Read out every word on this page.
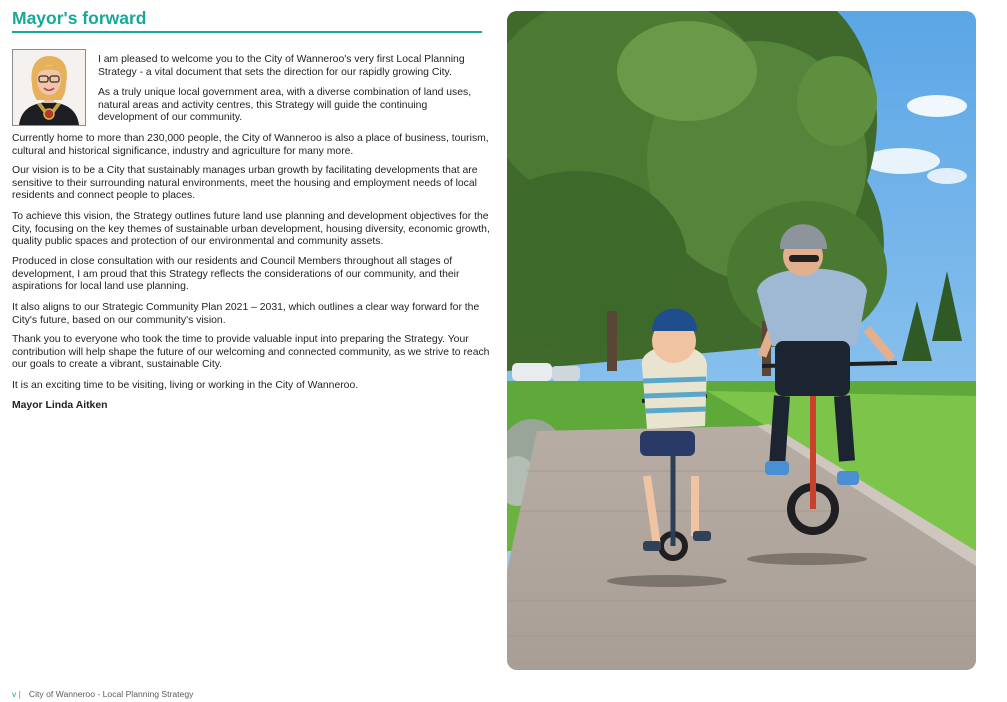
Mayor's forward

I am pleased to welcome you to the City of Wanneroo's very first Local Planning Strategy - a vital document that sets the direction for our rapidly growing City.

As a truly unique local government area, with a diverse combination of land uses, natural areas and activity centres, this Strategy will guide the continuing development of our community.

Currently home to more than 230,000 people, the City of Wanneroo is also a place of business, tourism, cultural and historical significance, industry and agriculture for many more.

Our vision is to be a City that sustainably manages urban growth by facilitating developments that are sensitive to their surrounding natural environments, meet the housing and employment needs of local residents and connect people to places.

To achieve this vision, the Strategy outlines future land use planning and development objectives for the City, focusing on the key themes of sustainable urban development, housing diversity, economic growth, quality public spaces and protection of our environmental and community assets.

Produced in close consultation with our residents and Council Members throughout all stages of development, I am proud that this Strategy reflects the considerations of our community, and their aspirations for local land use planning.

It also aligns to our Strategic Community Plan 2021 – 2031, which outlines a clear way forward for the City's future, based on our community's vision.

Thank you to everyone who took the time to provide valuable input into preparing the Strategy. Your contribution will help shape the future of our welcoming and connected community, as we strive to reach our goals to create a vibrant, sustainable City.

It is an exciting time to be visiting, living or working in the City of Wanneroo.

Mayor Linda Aitken

v | City of Wanneroo - Local Planning Strategy
